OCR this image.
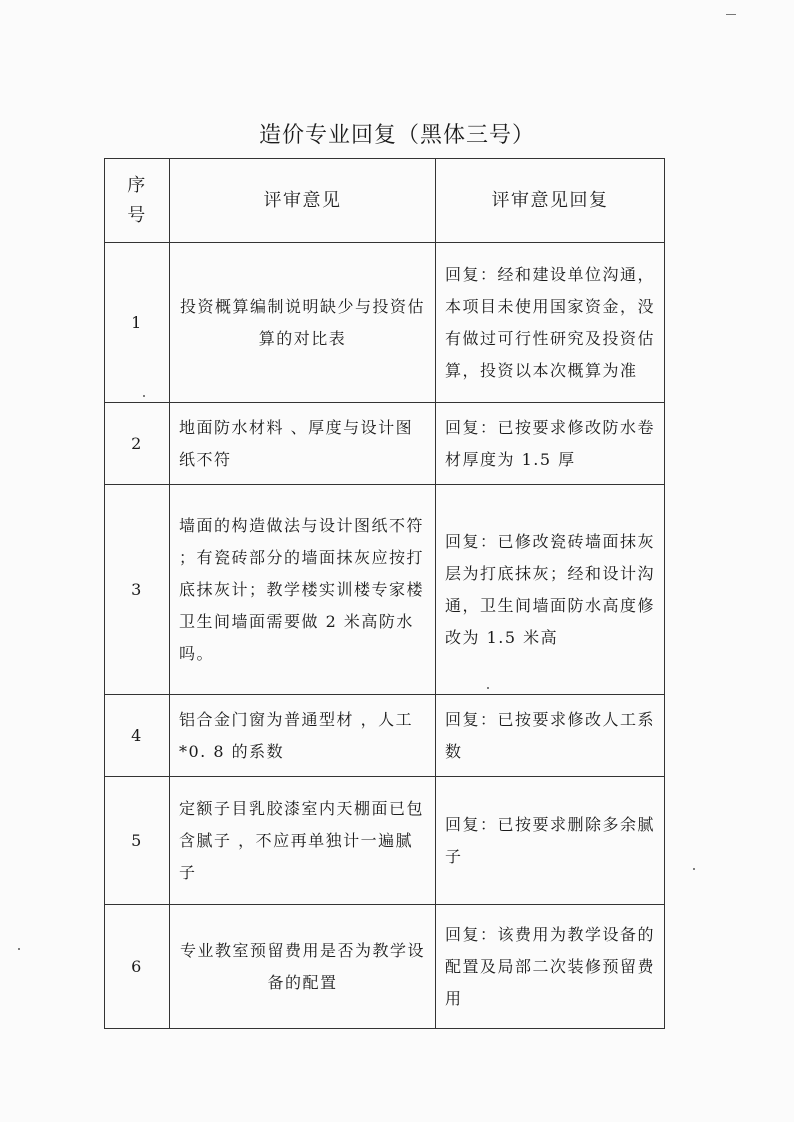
造价专业回复（黑体三号）
序号	评审意见	评审意见回复
1	投资概算编制说明缺少与投资估算的对比表	回复：经和建设单位沟通，本项目未使用国家资金，没有做过可行性研究及投资估算，投资以本次概算为准
2	地面防水材料 、厚度与设计图纸不符	回复：已按要求修改防水卷材厚度为 1.5 厚
3	墙面的构造做法与设计图纸不符 ；有瓷砖部分的墙面抹灰应按打底抹灰计；教学楼实训楼专家楼卫生间墙面需要做 2 米高防水吗。	回复：已修改瓷砖墙面抹灰层为打底抹灰；经和设计沟通，卫生间墙面防水高度修改为 1.5 米高
4	铝合金门窗为普通型材 ，人工 *0. 8 的系数	回复：已按要求修改人工系数
5	定额子目乳胶漆室内天棚面已包含腻子 ，不应再单独计一遍腻子	回复：已按要求删除多余腻子
6	专业教室预留费用是否为教学设备的配置	回复：该费用为教学设备的配置及局部二次装修预留费用
